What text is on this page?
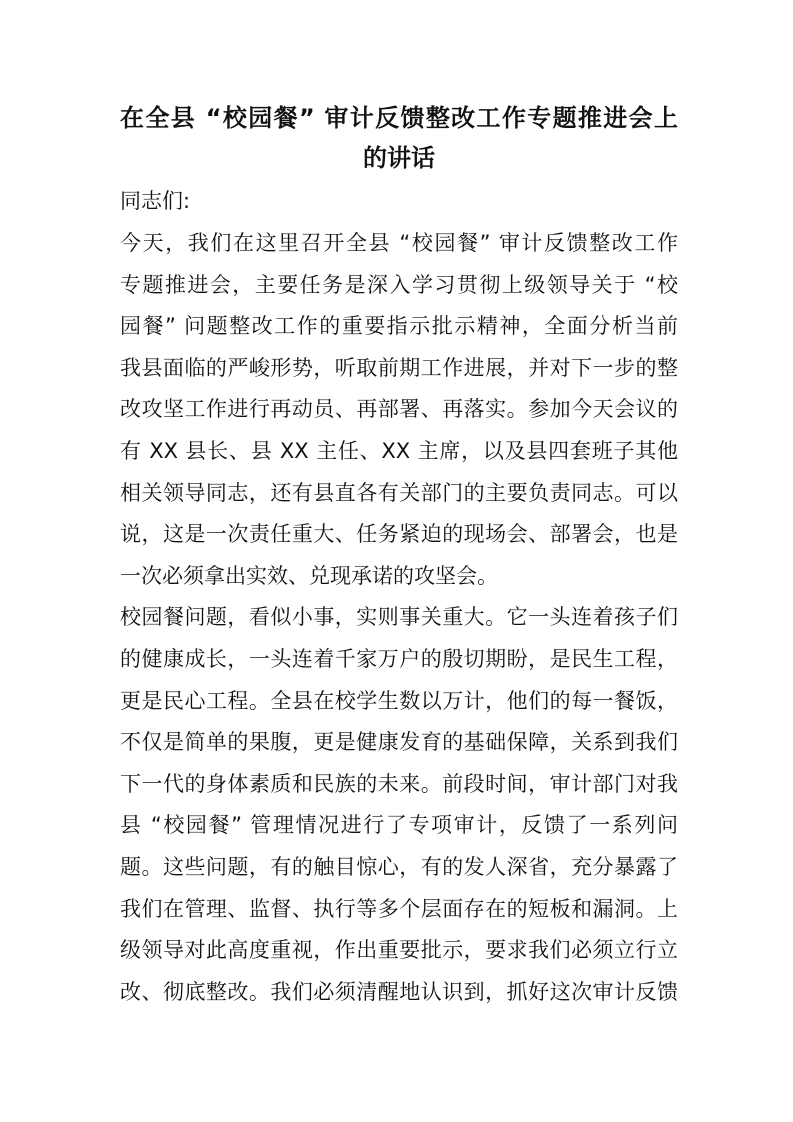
在全县 “校园餐” 审计反馈整改工作专题推进会上
的讲话
同志们:
今天，我们在这里召开全县 “校园餐” 审计反馈整改工作
专题推进会，主要任务是深入学习贯彻上级领导关于 “校
园餐” 问题整改工作的重要指示批示精神，全面分析当前
我县面临的严峻形势，听取前期工作进展，并对下一步的整
改攻坚工作进行再动员、再部署、再落实。参加今天会议的
有 XX 县长、县 XX 主任、XX 主席，以及县四套班子其他
相关领导同志，还有县直各有关部门的主要负责同志。可以
说，这是一次责任重大、任务紧迫的现场会、部署会，也是
一次必须拿出实效、兑现承诺的攻坚会。
校园餐问题，看似小事，实则事关重大。它一头连着孩子们
的健康成长，一头连着千家万户的殷切期盼，是民生工程，
更是民心工程。全县在校学生数以万计，他们的每一餐饭，
不仅是简单的果腹，更是健康发育的基础保障，关系到我们
下一代的身体素质和民族的未来。前段时间，审计部门对我
县 “校园餐” 管理情况进行了专项审计，反馈了一系列问
题。这些问题，有的触目惊心，有的发人深省，充分暴露了
我们在管理、监督、执行等多个层面存在的短板和漏洞。上
级领导对此高度重视，作出重要批示，要求我们必须立行立
改、彻底整改。我们必须清醒地认识到，抓好这次审计反馈
